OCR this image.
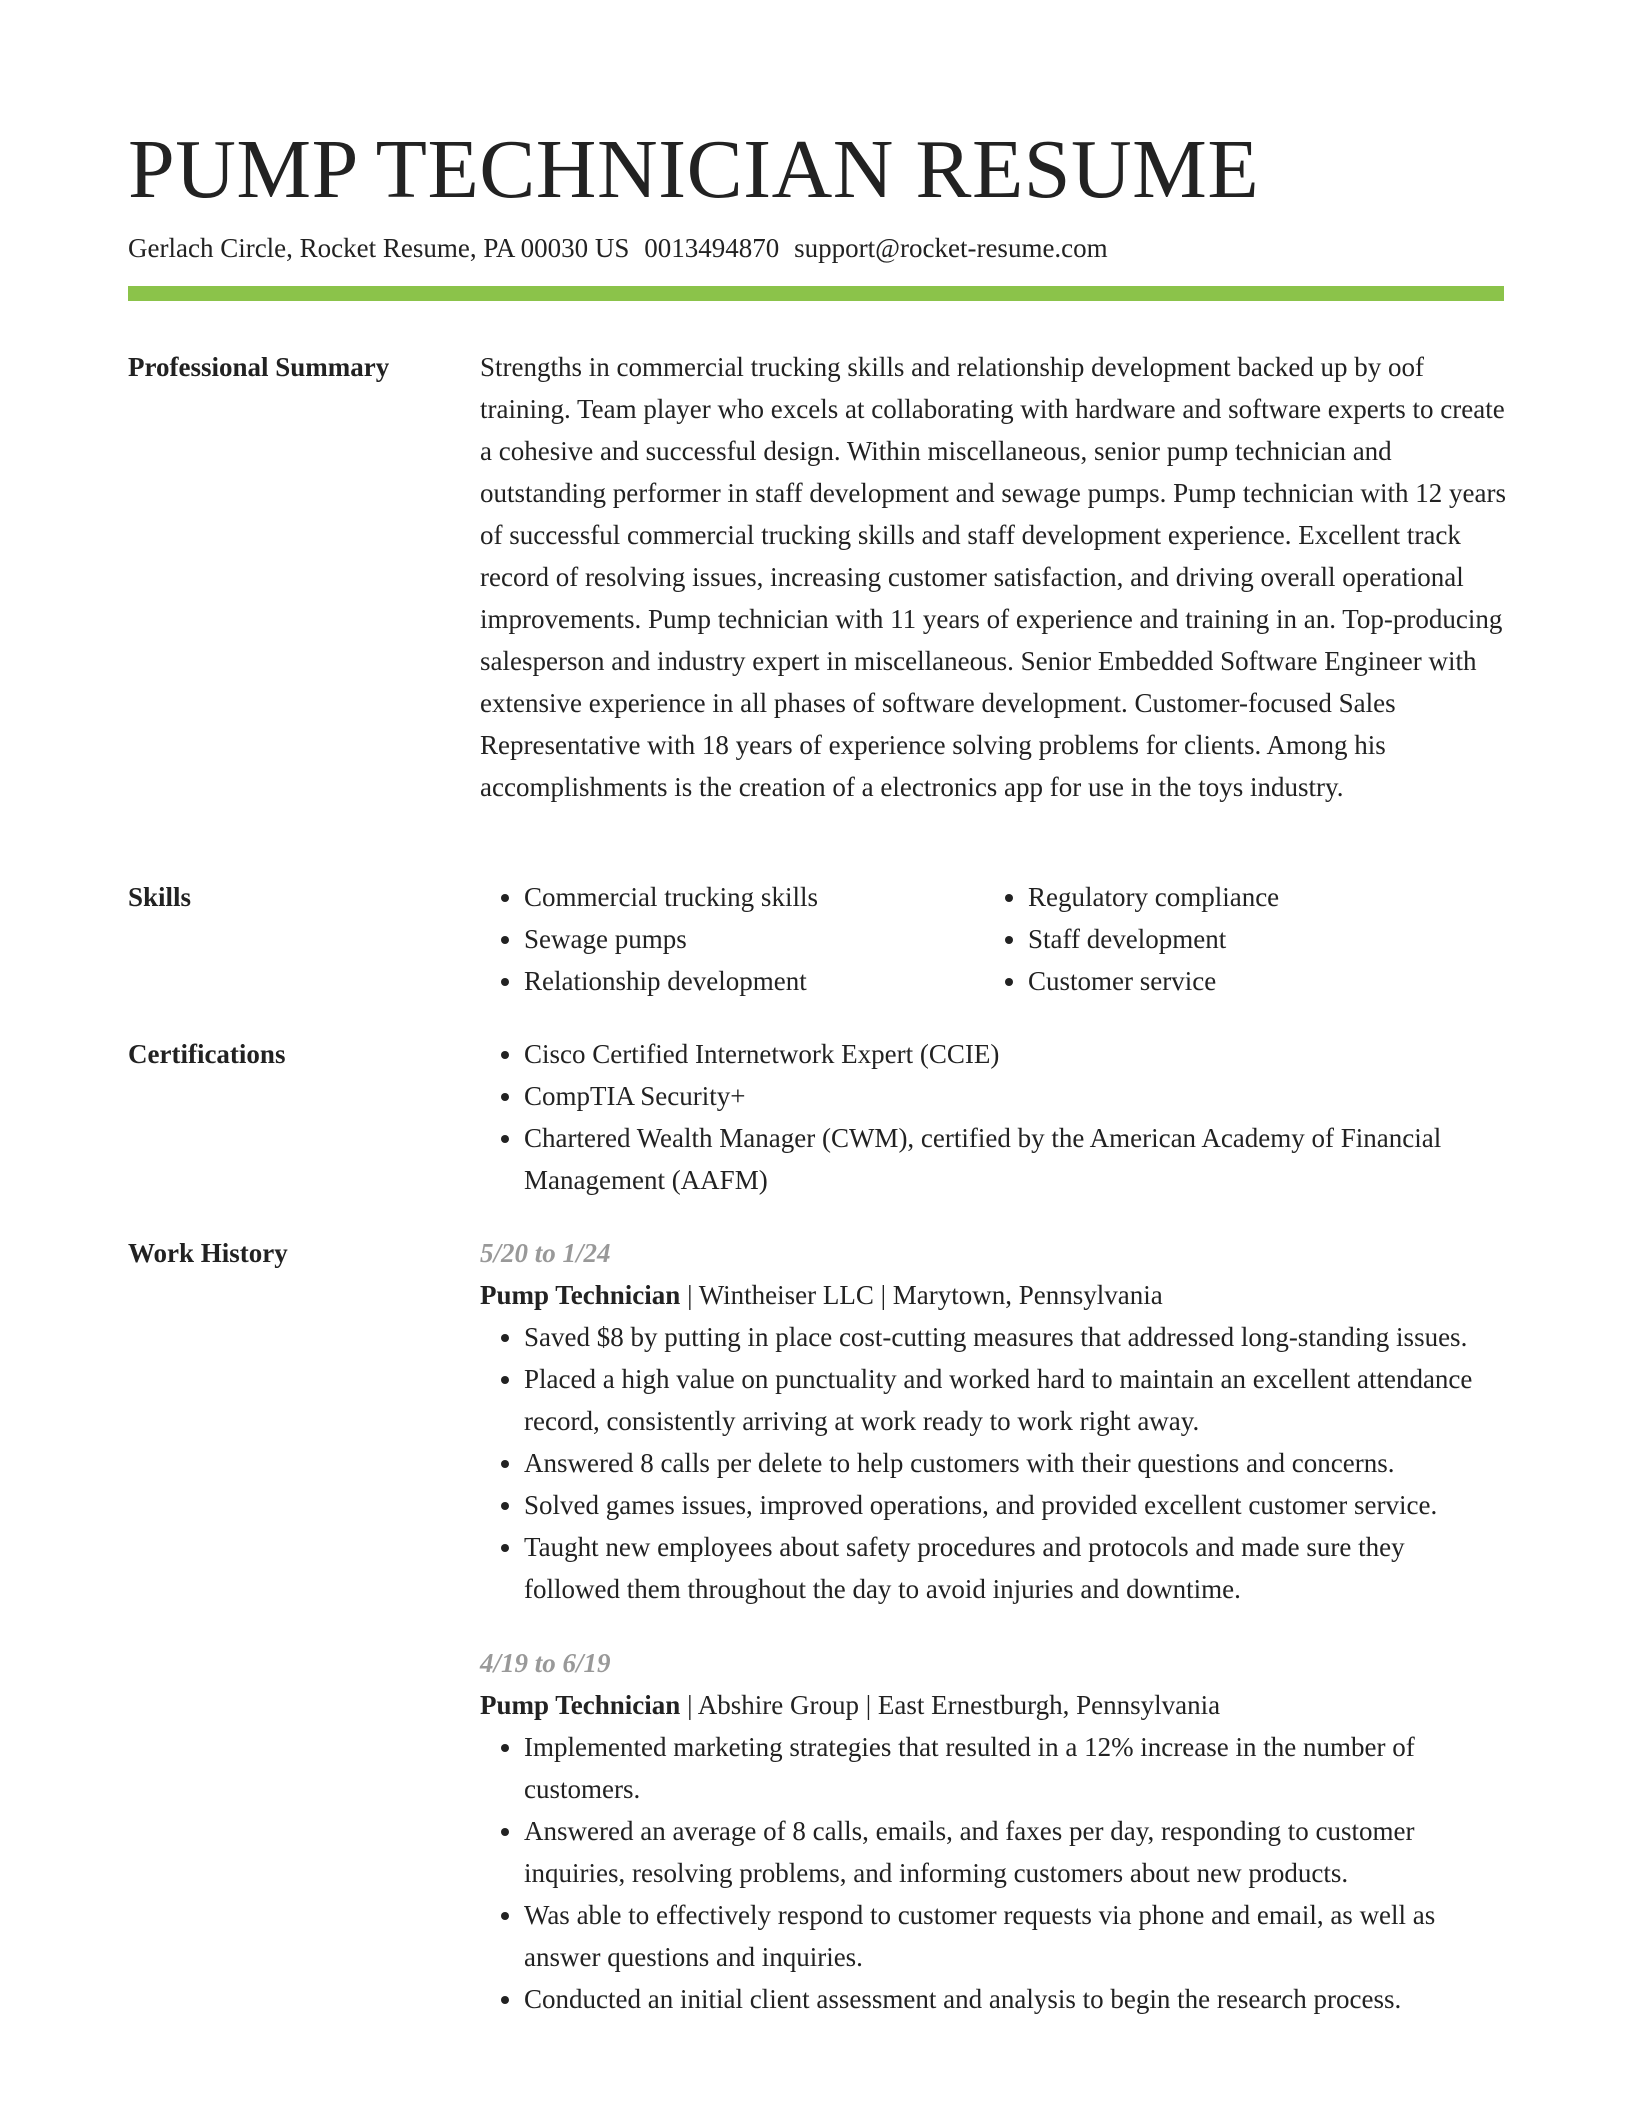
PUMP TECHNICIAN RESUME
Gerlach Circle, Rocket Resume, PA 00030 US 0013494870 support@rocket-resume.com
Professional Summary	Strengths in commercial trucking skills and relationship development backed up by oof training. Team player who excels at collaborating with hardware and software experts to create a cohesive and successful design. Within miscellaneous, senior pump technician and outstanding performer in staff development and sewage pumps. Pump technician with 12 years of successful commercial trucking skills and staff development experience. Excellent track record of resolving issues, increasing customer satisfaction, and driving overall operational improvements. Pump technician with 11 years of experience and training in an. Top-producing salesperson and industry expert in miscellaneous. Senior Embedded Software Engineer with extensive experience in all phases of software development. Customer-focused Sales Representative with 18 years of experience solving problems for clients. Among his accomplishments is the creation of a electronics app for use in the toys industry.

Skills	• Commercial trucking skills
• Sewage pumps
• Relationship development
• Regulatory compliance
• Staff development
• Customer service
Certifications	• Cisco Certified Internetwork Expert (CCIE)
• CompTIA Security+
• Chartered Wealth Manager (CWM), certified by the American Academy of Financial Management (AAFM)
Work History	5/20 to 1/24
Pump Technician | Wintheiser LLC | Marytown, Pennsylvania
• Saved $8 by putting in place cost-cutting measures that addressed long-standing issues.
• Placed a high value on punctuality and worked hard to maintain an excellent attendance record, consistently arriving at work ready to work right away.
• Answered 8 calls per delete to help customers with their questions and concerns.
• Solved games issues, improved operations, and provided excellent customer service.
• Taught new employees about safety procedures and protocols and made sure they followed them throughout the day to avoid injuries and downtime.
4/19 to 6/19
Pump Technician | Abshire Group | East Ernestburgh, Pennsylvania
• Implemented marketing strategies that resulted in a 12% increase in the number of customers.
• Answered an average of 8 calls, emails, and faxes per day, responding to customer inquiries, resolving problems, and informing customers about new products.
• Was able to effectively respond to customer requests via phone and email, as well as answer questions and inquiries.
• Conducted an initial client assessment and analysis to begin the research process.
